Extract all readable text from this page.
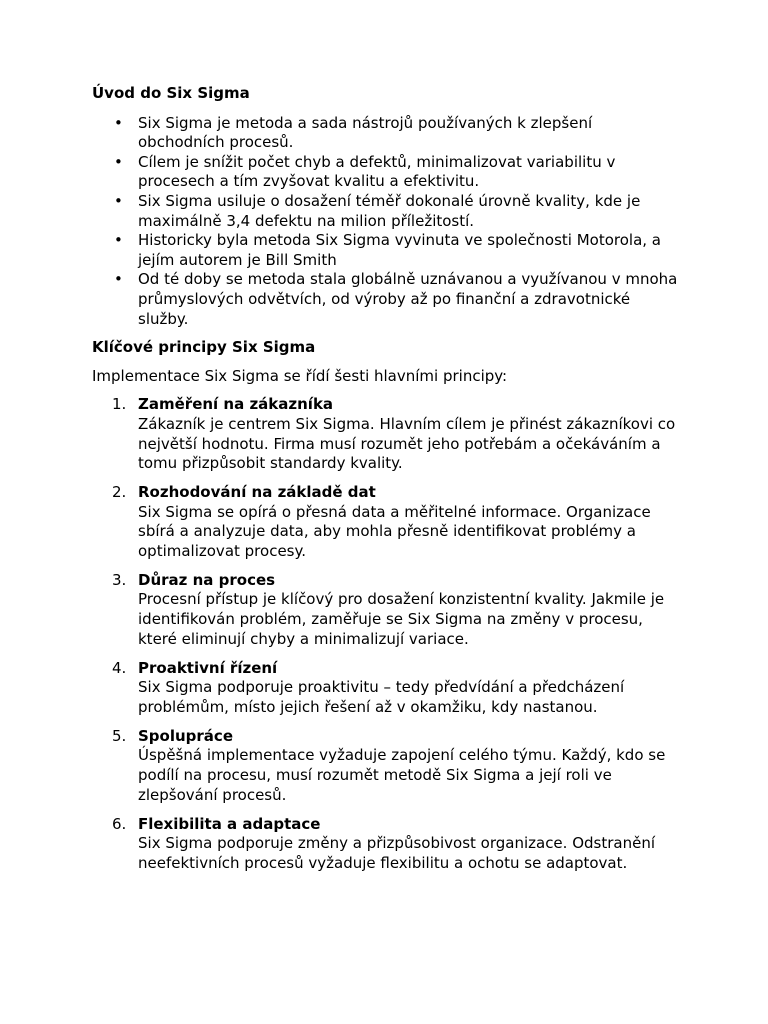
Úvod do Six Sigma
• Six Sigma je metoda a sada nástrojů používaných k zlepšení obchodních procesů.
• Cílem je snížit počet chyb a defektů, minimalizovat variabilitu v procesech a tím zvyšovat kvalitu a efektivitu.
• Six Sigma usiluje o dosažení téměř dokonalé úrovně kvality, kde je maximálně 3,4 defektu na milion příležitostí.
• Historicky byla metoda Six Sigma vyvinuta ve společnosti Motorola, a jejím autorem je Bill Smith
• Od té doby se metoda stala globálně uznávanou a využívanou v mnoha průmyslových odvětvích, od výroby až po finanční a zdravotnické služby.
Klíčové principy Six Sigma

Implementace Six Sigma se řídí šesti hlavními principy:

1. Zaměření na zákazníka
Zákazník je centrem Six Sigma. Hlavním cílem je přinést zákazníkovi co největší hodnotu. Firma musí rozumět jeho potřebám a očekáváním a tomu přizpůsobit standardy kvality.
2. Rozhodování na základě dat
Six Sigma se opírá o přesná data a měřitelné informace. Organizace sbírá a analyzuje data, aby mohla přesně identifikovat problémy a optimalizovat procesy.
3. Důraz na proces
Procesní přístup je klíčový pro dosažení konzistentní kvality. Jakmile je identifikován problém, zaměřuje se Six Sigma na změny v procesu, které eliminují chyby a minimalizují variace.
4. Proaktivní řízení
Six Sigma podporuje proaktivitu – tedy předvídání a předcházení problémům, místo jejich řešení až v okamžiku, kdy nastanou.
5. Spolupráce
Úspěšná implementace vyžaduje zapojení celého týmu. Každý, kdo se podílí na procesu, musí rozumět metodě Six Sigma a její roli ve zlepšování procesů.
6. Flexibilita a adaptace
Six Sigma podporuje změny a přizpůsobivost organizace. Odstranění neefektivních procesů vyžaduje flexibilitu a ochotu se adaptovat.
